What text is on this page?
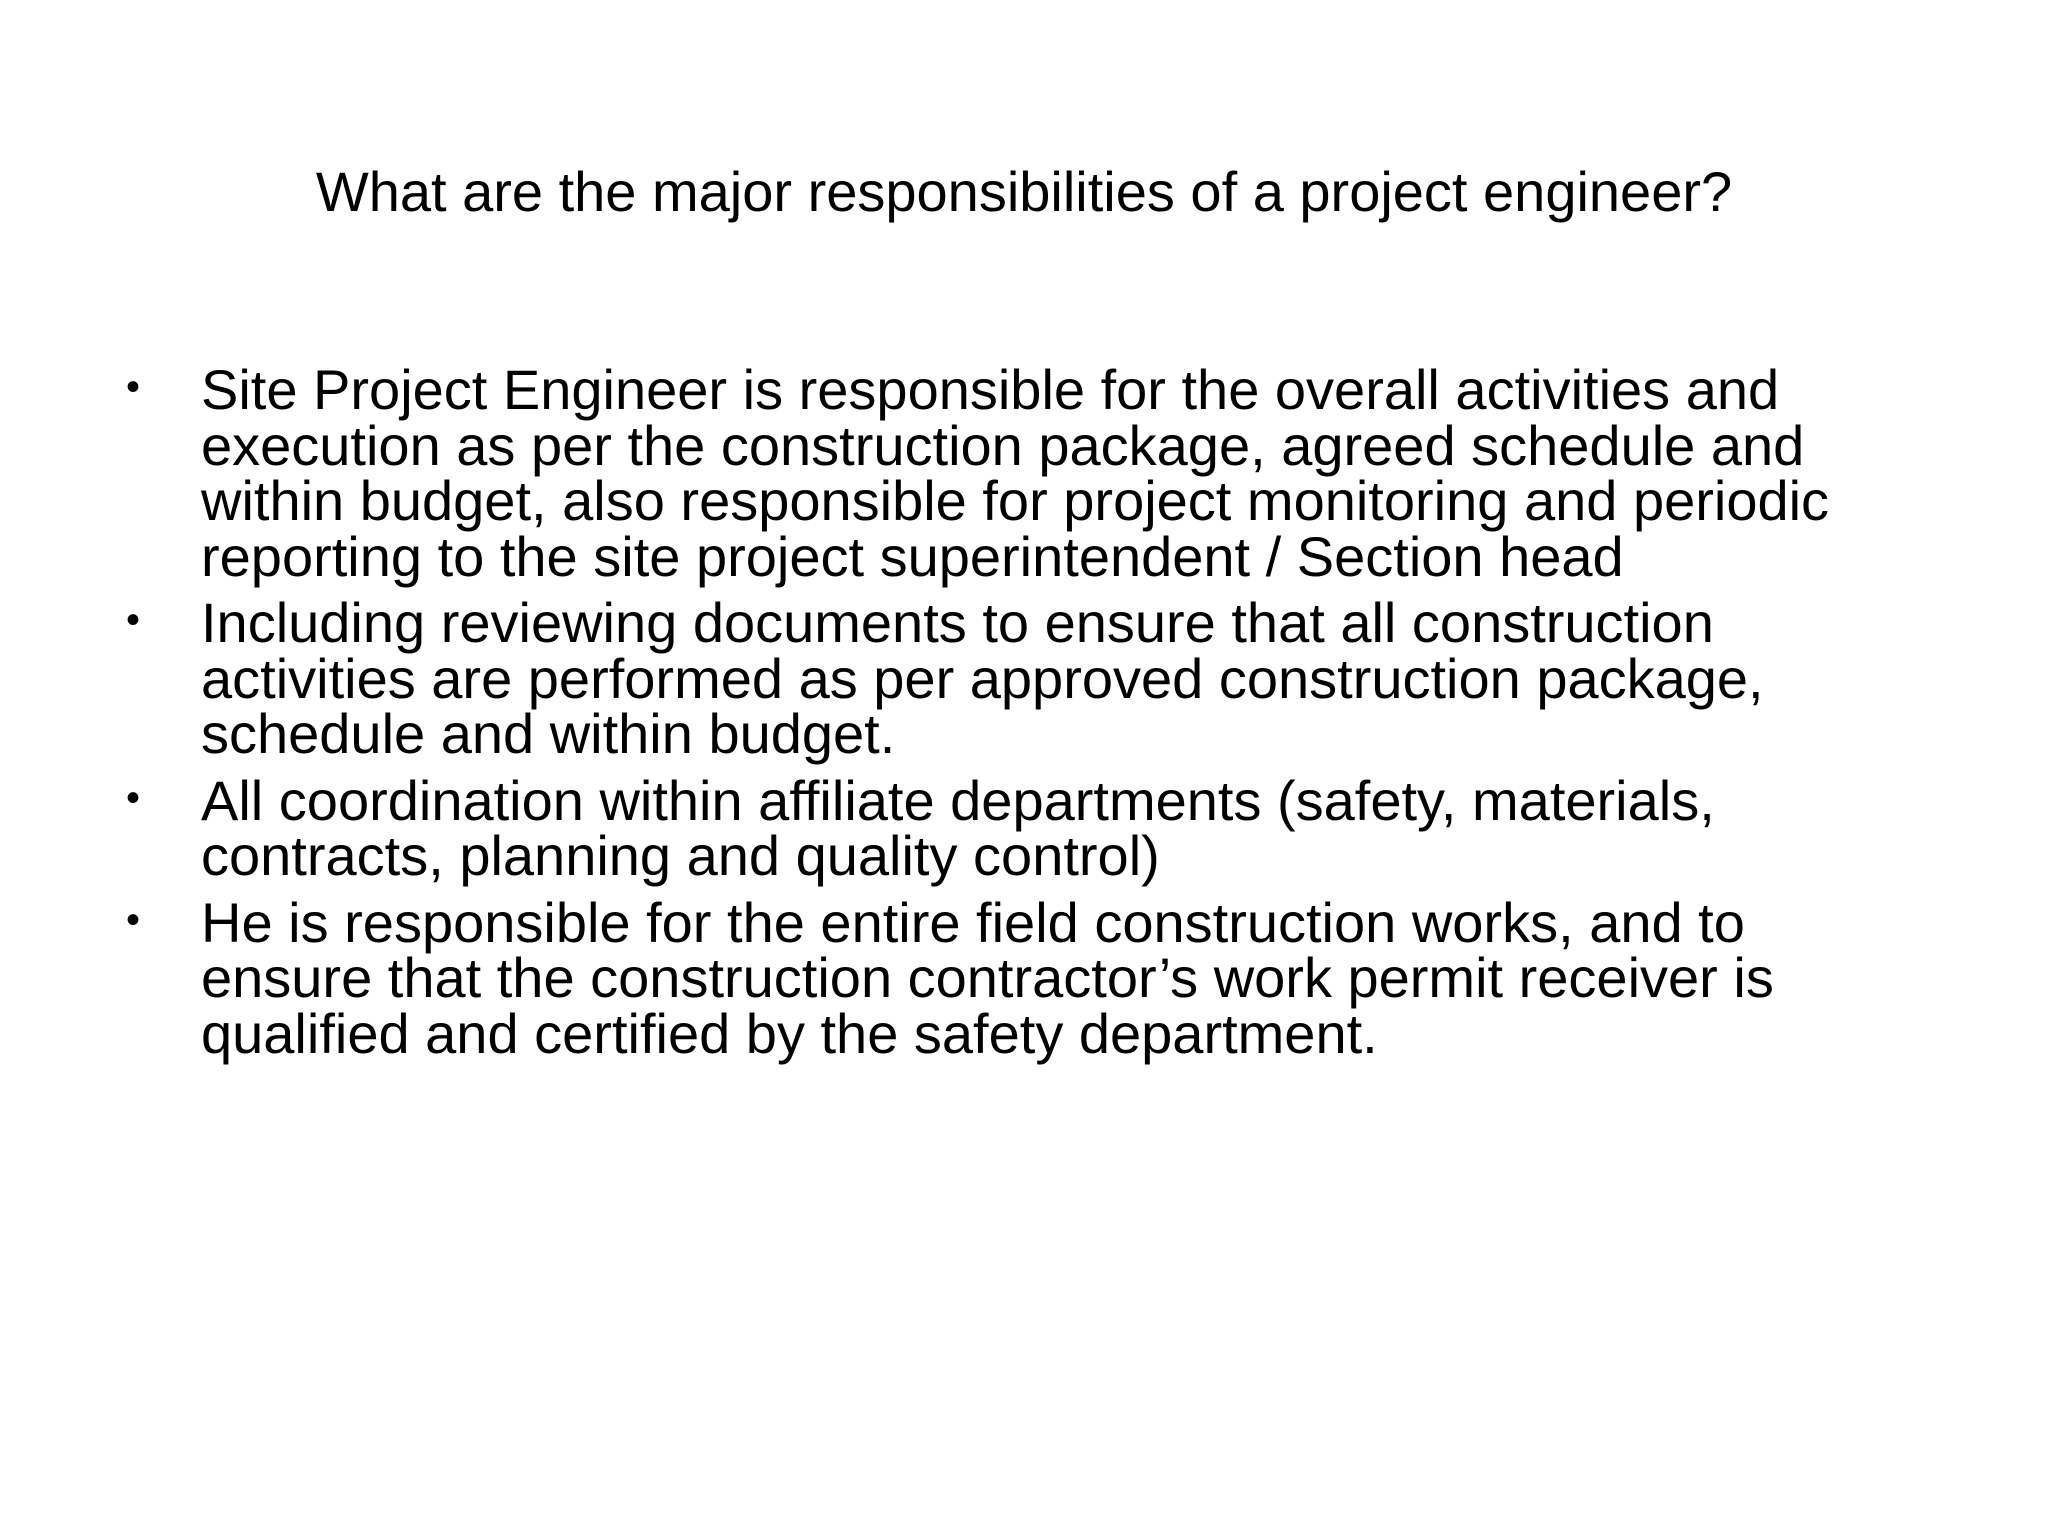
What are the major responsibilities of a project engineer?
• Site Project Engineer is responsible for the overall activities and execution as per the construction package, agreed schedule and within budget, also responsible for project monitoring and periodic reporting to the site project superintendent / Section head
• Including reviewing documents to ensure that all construction activities are performed as per approved construction package, schedule and within budget.
• All coordination within affiliate departments (safety, materials, contracts, planning and quality control)
• He is responsible for the entire field construction works, and to ensure that the construction contractor’s work permit receiver is qualified and certified by the safety department.
